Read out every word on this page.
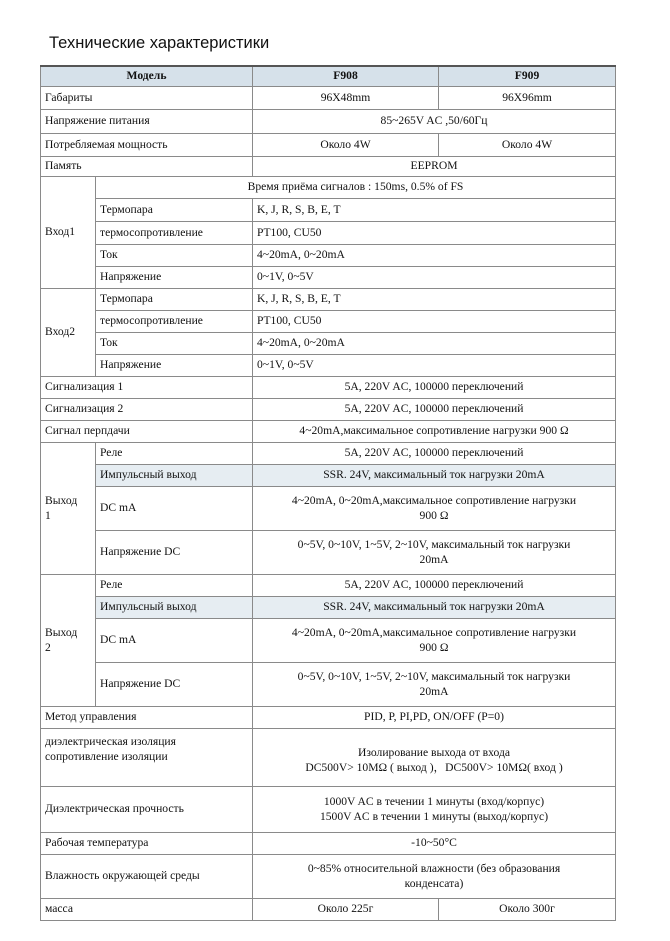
Технические характеристики
Модель		F908	F909
Габариты		96X48mm	96X96mm
Напряжение питания		85~265V AC ,50/60Гц	
Потребляемая мощность		Около 4W	Около 4W
Память		EEPROM	
Вход1	Время приёма сигналов : 150ms, 0.5% of FS		
	Термопара	K, J, R, S, B, E, T	
	термосопротивление	PT100, CU50	
	Ток	4~20mA, 0~20mA	
	Напряжение	0~1V, 0~5V	
Вход2	Термопара	K, J, R, S, B, E, T	
	термосопротивление	PT100, CU50	
	Ток	4~20mA, 0~20mA	
	Напряжение	0~1V, 0~5V	
Сигнализация 1		5A, 220V AC, 100000 переключений	
Сигнализация 2		5A, 220V AC, 100000 переключений	
Сигнал перпдачи		4~20mA,максимальное сопротивление нагрузки 900 Ω	
Выход
1	Реле	5A, 220V AC, 100000 переключений	
	Импульсный выход	SSR. 24V, максимальный ток нагрузки 20mA	
	DC mA	4~20mA, 0~20mA,максимальное сопротивление нагрузки
900 Ω	
	Напряжение DC	0~5V, 0~10V, 1~5V, 2~10V, максимальный ток нагрузки
20mA	
Выход
2	Реле	5A, 220V AC, 100000 переключений	
	Импульсный выход	SSR. 24V, максимальный ток нагрузки 20mA	
	DC mA	4~20mA, 0~20mA,максимальное сопротивление нагрузки
900 Ω	
	Напряжение DC	0~5V, 0~10V, 1~5V, 2~10V, максимальный ток нагрузки
20mA	
Метод управления		PID, P, PI,PD, ON/OFF (P=0)	
диэлектрическая изоляция
сопротивление изоляции		Изолирование выхода от входа
DC500V> 10MΩ ( выход )，DC500V> 10MΩ( вход )	
Диэлектрическая прочность		1000V AC в течении 1 минуты (вход/корпус)
1500V AC в течении 1 минуты (выход/корпус)	
Рабочая температура		-10~50°C	
Влажность окружающей среды		0~85% относительной влажности (без образования
конденсата)	
масса		Около 225г	Около 300г
